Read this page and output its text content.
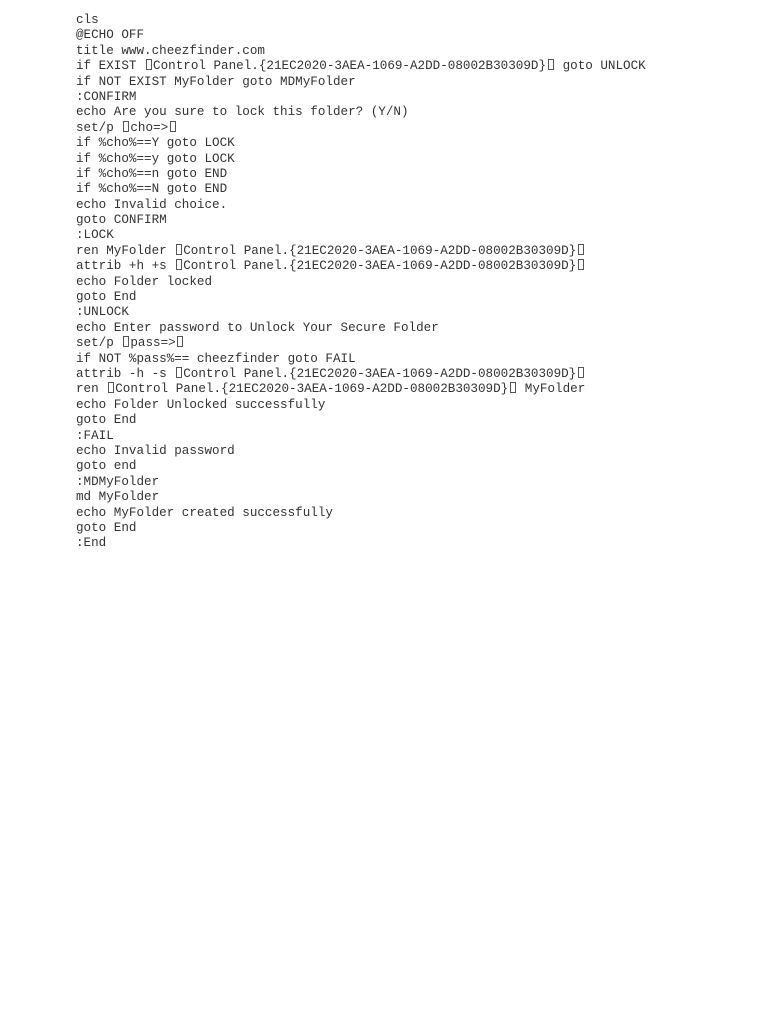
cls
@ECHO OFF
title www.cheezfinder.com
if EXIST Control Panel.{21EC2020-3AEA-1069-A2DD-08002B30309D} goto UNLOCK
if NOT EXIST MyFolder goto MDMyFolder
:CONFIRM
echo Are you sure to lock this folder? (Y/N)
set/p cho=>
if %cho%==Y goto LOCK
if %cho%==y goto LOCK
if %cho%==n goto END
if %cho%==N goto END
echo Invalid choice.
goto CONFIRM
:LOCK
ren MyFolder Control Panel.{21EC2020-3AEA-1069-A2DD-08002B30309D}
attrib +h +s Control Panel.{21EC2020-3AEA-1069-A2DD-08002B30309D}
echo Folder locked
goto End
:UNLOCK
echo Enter password to Unlock Your Secure Folder
set/p pass=>
if NOT %pass%== cheezfinder goto FAIL
attrib -h -s Control Panel.{21EC2020-3AEA-1069-A2DD-08002B30309D}
ren Control Panel.{21EC2020-3AEA-1069-A2DD-08002B30309D} MyFolder
echo Folder Unlocked successfully
goto End
:FAIL
echo Invalid password
goto end
:MDMyFolder
md MyFolder
echo MyFolder created successfully
goto End
:End
